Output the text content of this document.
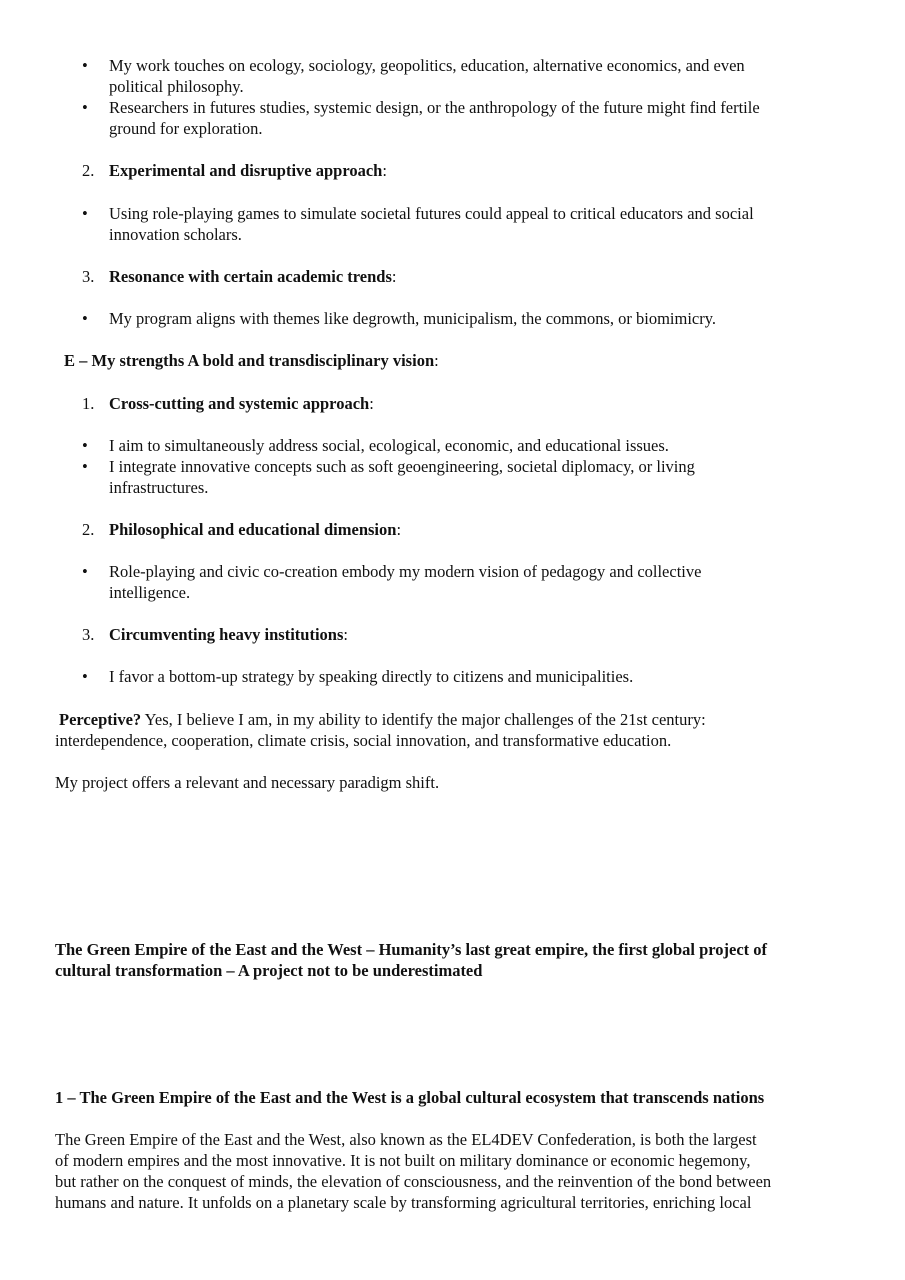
• My work touches on ecology, sociology, geopolitics, education, alternative economics, and even
political philosophy.
• Researchers in futures studies, systemic design, or the anthropology of the future might find fertile
ground for exploration.
2. Experimental and disruptive approach:
• Using role-playing games to simulate societal futures could appeal to critical educators and social
innovation scholars.
3. Resonance with certain academic trends:
• My program aligns with themes like degrowth, municipalism, the commons, or biomimicry.
E – My strengths A bold and transdisciplinary vision:
1. Cross-cutting and systemic approach:
• I aim to simultaneously address social, ecological, economic, and educational issues.
• I integrate innovative concepts such as soft geoengineering, societal diplomacy, or living
infrastructures.
2. Philosophical and educational dimension:
• Role-playing and civic co-creation embody my modern vision of pedagogy and collective
intelligence.
3. Circumventing heavy institutions:
• I favor a bottom-up strategy by speaking directly to citizens and municipalities.
Perceptive? Yes, I believe I am, in my ability to identify the major challenges of the 21st century:
interdependence, cooperation, climate crisis, social innovation, and transformative education.
My project offers a relevant and necessary paradigm shift.
The Green Empire of the East and the West – Humanity’s last great empire, the first global project of
cultural transformation – A project not to be underestimated
1 – The Green Empire of the East and the West is a global cultural ecosystem that transcends nations
The Green Empire of the East and the West, also known as the EL4DEV Confederation, is both the largest
of modern empires and the most innovative. It is not built on military dominance or economic hegemony,
but rather on the conquest of minds, the elevation of consciousness, and the reinvention of the bond between
humans and nature. It unfolds on a planetary scale by transforming agricultural territories, enriching local
